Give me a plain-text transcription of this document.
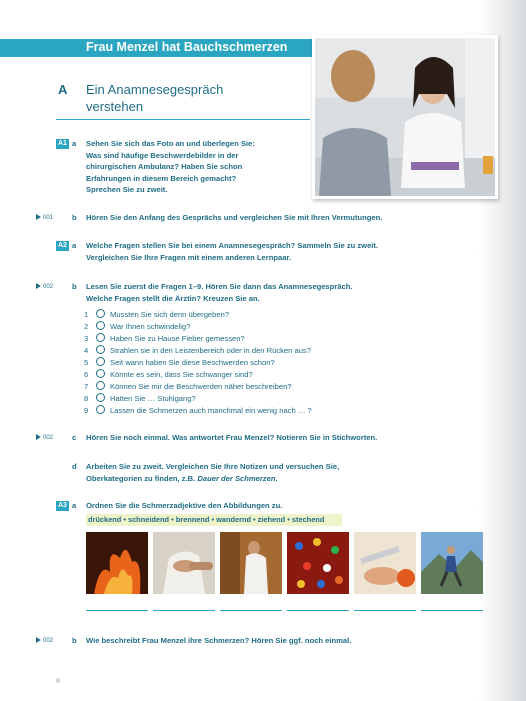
Frau Menzel hat Bauchschmerzen
A Ein Anamnesegespräch
verstehen
A1 a Sehen Sie sich das Foto an und überlegen Sie:
Was sind häufige Beschwerdebilder in der
chirurgischen Ambulanz? Haben Sie schon
Erfahrungen in diesem Bereich gemacht?
Sprechen Sie zu zweit.
001 b Hören Sie den Anfang des Gesprächs und vergleichen Sie mit Ihren Vermutungen.
A2 a Welche Fragen stellen Sie bei einem Anamnesegespräch? Sammeln Sie zu zweit.
Vergleichen Sie Ihre Fragen mit einem anderen Lernpaar.
002 b Lesen Sie zuerst die Fragen 1–9. Hören Sie dann das Anamnesegespräch.
Welche Fragen stellt die Ärztin? Kreuzen Sie an.
1	Mussten Sie sich denn übergeben?
2	War Ihnen schwindelig?
3	Haben Sie zu Hause Fieber gemessen?
4	Strahlen sie in den Leistenbereich oder in den Rücken aus?
5	Seit wann haben Sie diese Beschwerden schon?
6	Könnte es sein, dass Sie schwanger sind?
7	Können Sie mir die Beschwerden näher beschreiben?
8	Hatten Sie … Stuhlgang?
9	Lassen die Schmerzen auch manchmal ein wenig nach … ?
002 c Hören Sie noch einmal. Was antwortet Frau Menzel? Notieren Sie in Stichworten.
d Arbeiten Sie zu zweit. Vergleichen Sie Ihre Notizen und versuchen Sie,
Oberkategorien zu finden, z.B. Dauer der Schmerzen.
A3 a Ordnen Sie die Schmerzadjektive den Abbildungen zu.
drückend • schneidend • brennend • wandernd • ziehend • stechend
002 b Wie beschreibt Frau Menzel ihre Schmerzen? Hören Sie ggf. noch einmal.
8
